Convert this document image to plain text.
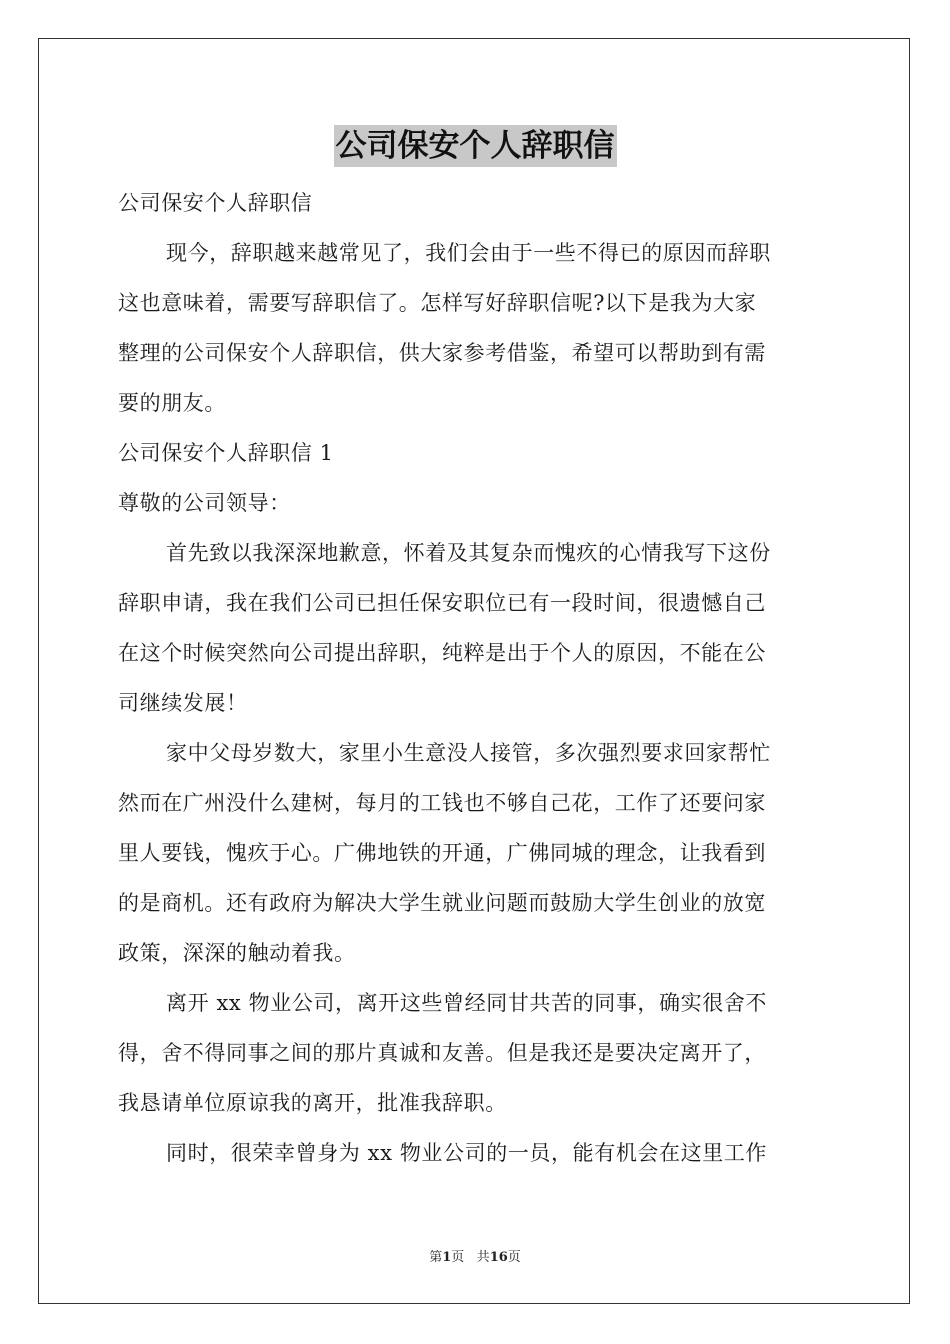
公司保安个人辞职信
公司保安个人辞职信
现今，辞职越来越常见了，我们会由于一些不得已的原因而辞职
这也意味着，需要写辞职信了。怎样写好辞职信呢?以下是我为大家
整理的公司保安个人辞职信，供大家参考借鉴，希望可以帮助到有需
要的朋友。
公司保安个人辞职信 1
尊敬的公司领导：
首先致以我深深地歉意，怀着及其复杂而愧疚的心情我写下这份
辞职申请，我在我们公司已担任保安职位已有一段时间，很遗憾自己
在这个时候突然向公司提出辞职，纯粹是出于个人的原因，不能在公
司继续发展！
家中父母岁数大，家里小生意没人接管，多次强烈要求回家帮忙
然而在广州没什么建树，每月的工钱也不够自己花，工作了还要问家
里人要钱，愧疚于心。广佛地铁的开通，广佛同城的理念，让我看到
的是商机。还有政府为解决大学生就业问题而鼓励大学生创业的放宽
政策，深深的触动着我。
离开 xx 物业公司，离开这些曾经同甘共苦的同事，确实很舍不
得，舍不得同事之间的那片真诚和友善。但是我还是要决定离开了，
我恳请单位原谅我的离开，批准我辞职。
同时，很荣幸曾身为 xx 物业公司的一员，能有机会在这里工作
第1页 共16页
